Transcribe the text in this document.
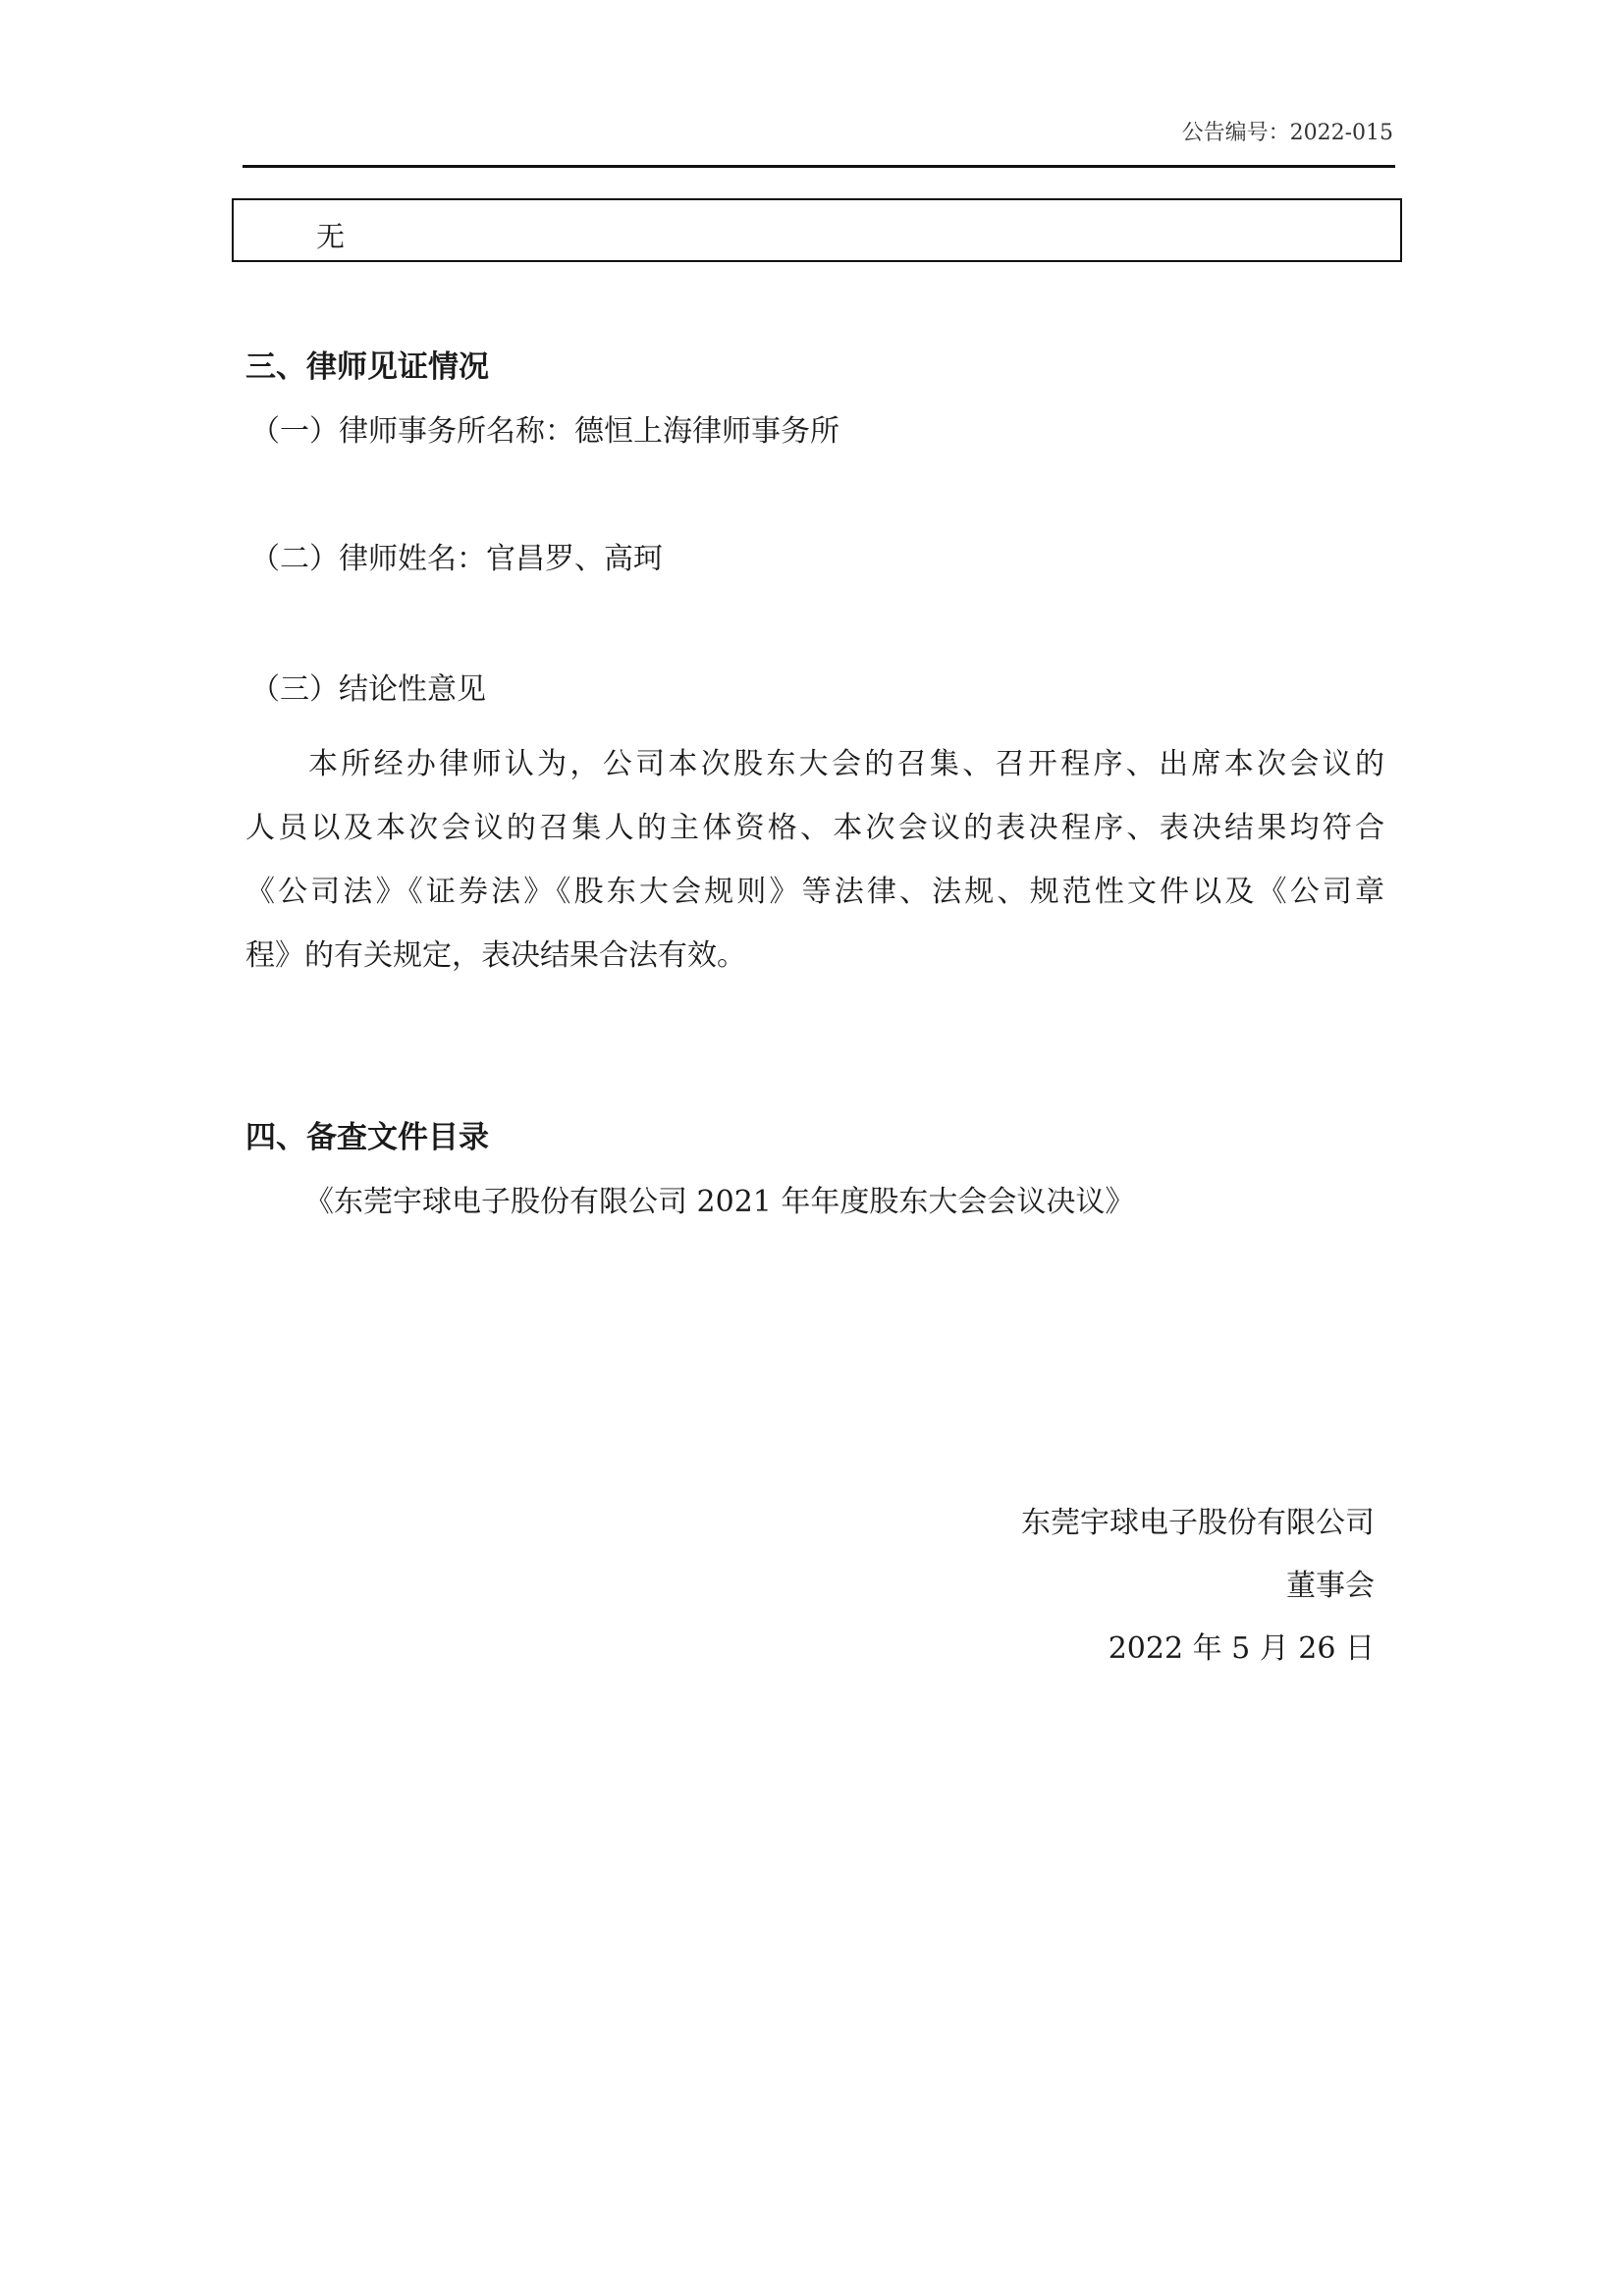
公告编号：2022-015
无
三、律师见证情况
（一）律师事务所名称：德恒上海律师事务所
（二）律师姓名：官昌罗、高珂
（三）结论性意见
本所经办律师认为，公司本次股东大会的召集、召开程序、出席本次会议的
人员以及本次会议的召集人的主体资格、本次会议的表决程序、表决结果均符合
《公司法》《证券法》《股东大会规则》等法律、法规、规范性文件以及《公司章
程》的有关规定，表决结果合法有效。
四、备查文件目录
《东莞宇球电子股份有限公司 2021 年年度股东大会会议决议》
东莞宇球电子股份有限公司
董事会
2022 年 5 月 26 日
